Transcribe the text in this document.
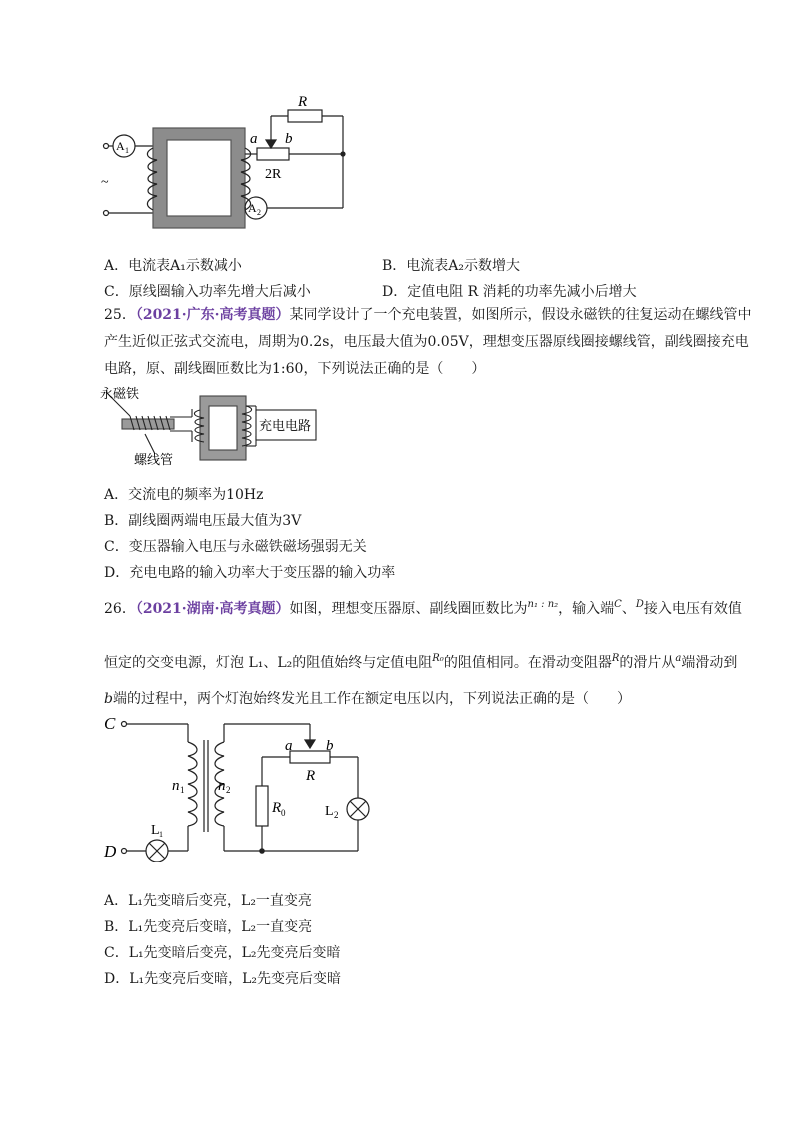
R
a b
2R
A 1
A 2
~
A．电流表A₁示数减小	B．电流表A₂示数增大
C．原线圈输入功率先增大后减小	D．定值电阻 R 消耗的功率先减小后增大
25．（2021·广东·高考真题）某同学设计了一个充电装置，如图所示，假设永磁铁的往复运动在螺线管中
产生近似正弦式交流电，周期为0.2s，电压最大值为0.05V，理想变压器原线圈接螺线管，副线圈接充电
电路，原、副线圈匝数比为1:60，下列说法正确的是（　　）
永磁铁
螺线管
充电电路
A．交流电的频率为10Hz
B．副线圈两端电压最大值为3V
C．变压器输入电压与永磁铁磁场强弱无关
D．充电电路的输入功率大于变压器的输入功率
26．（2021·湖南·高考真题）如图，理想变压器原、副线圈匝数比为$^{n_1 : n_2}$，输入端$^C$、$^D$接入电压有效值
恒定的交变电源，灯泡 L₁、L₂的阻值始终与定值电阻$^{R_0}$的阻值相同。在滑动变阻器$^R$的滑片从$^a$端滑动到
b端的过程中，两个灯泡始终发光且工作在额定电压以内，下列说法正确的是（　　）
C
D
n 1 n 2
a b
R
R 0
L 1
L 2
A．L₁先变暗后变亮，L₂一直变亮
B．L₁先变亮后变暗，L₂一直变亮
C．L₁先变暗后变亮，L₂先变亮后变暗
D．L₁先变亮后变暗，L₂先变亮后变暗
